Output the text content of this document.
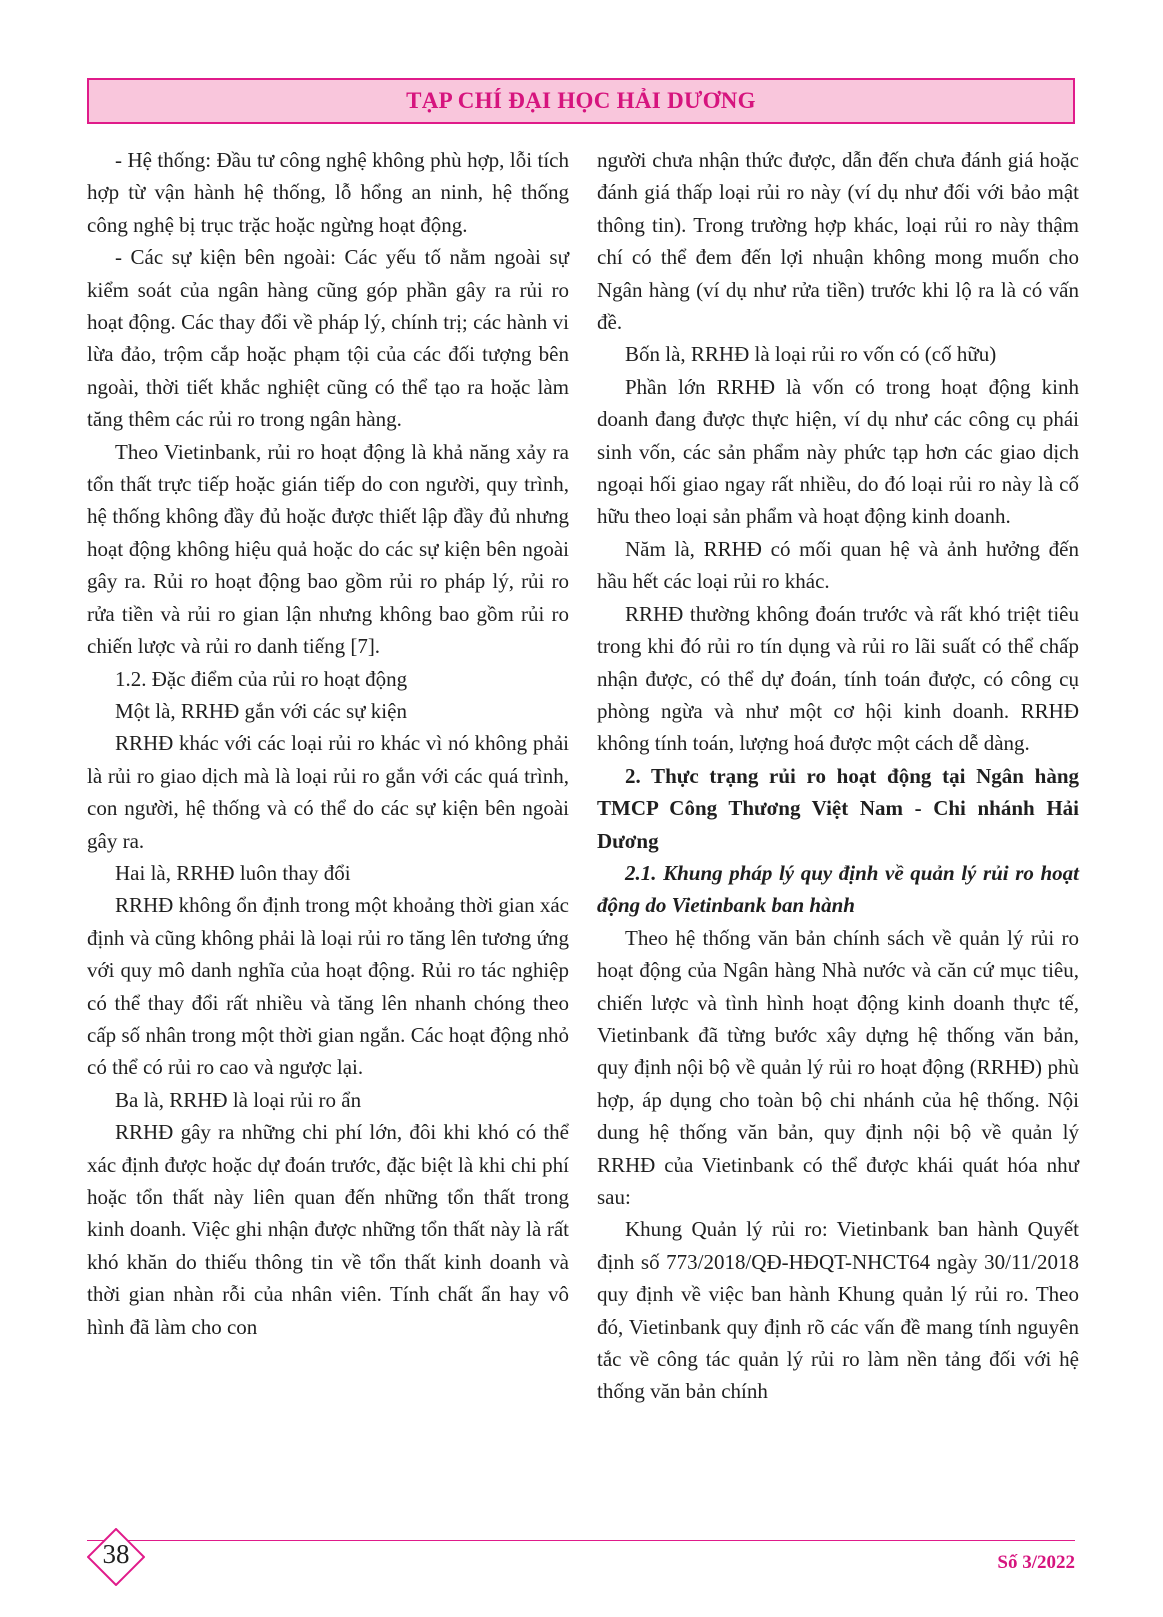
TẠP CHÍ ĐẠI HỌC HẢI DƯƠNG

- Hệ thống: Đầu tư công nghệ không phù hợp, lỗi tích hợp từ vận hành hệ thống, lỗ hổng an ninh, hệ thống công nghệ bị trục trặc hoặc ngừng hoạt động.

- Các sự kiện bên ngoài: Các yếu tố nằm ngoài sự kiểm soát của ngân hàng cũng góp phần gây ra rủi ro hoạt động. Các thay đổi về pháp lý, chính trị; các hành vi lừa đảo, trộm cắp hoặc phạm tội của các đối tượng bên ngoài, thời tiết khắc nghiệt cũng có thể tạo ra hoặc làm tăng thêm các rủi ro trong ngân hàng.

Theo Vietinbank, rủi ro hoạt động là khả năng xảy ra tổn thất trực tiếp hoặc gián tiếp do con người, quy trình, hệ thống không đầy đủ hoặc được thiết lập đầy đủ nhưng hoạt động không hiệu quả hoặc do các sự kiện bên ngoài gây ra. Rủi ro hoạt động bao gồm rủi ro pháp lý, rủi ro rửa tiền và rủi ro gian lận nhưng không bao gồm rủi ro chiến lược và rủi ro danh tiếng [7].

1.2. Đặc điểm của rủi ro hoạt động

Một là, RRHĐ gắn với các sự kiện

RRHĐ khác với các loại rủi ro khác vì nó không phải là rủi ro giao dịch mà là loại rủi ro gắn với các quá trình, con người, hệ thống và có thể do các sự kiện bên ngoài gây ra.

Hai là, RRHĐ luôn thay đổi

RRHĐ không ổn định trong một khoảng thời gian xác định và cũng không phải là loại rủi ro tăng lên tương ứng với quy mô danh nghĩa của hoạt động. Rủi ro tác nghiệp có thể thay đổi rất nhiều và tăng lên nhanh chóng theo cấp số nhân trong một thời gian ngắn. Các hoạt động nhỏ có thể có rủi ro cao và ngược lại.

Ba là, RRHĐ là loại rủi ro ẩn

RRHĐ gây ra những chi phí lớn, đôi khi khó có thể xác định được hoặc dự đoán trước, đặc biệt là khi chi phí hoặc tổn thất này liên quan đến những tổn thất trong kinh doanh. Việc ghi nhận được những tổn thất này là rất khó khăn do thiếu thông tin về tổn thất kinh doanh và thời gian nhàn rỗi của nhân viên. Tính chất ẩn hay vô hình đã làm cho con

người chưa nhận thức được, dẫn đến chưa đánh giá hoặc đánh giá thấp loại rủi ro này (ví dụ như đối với bảo mật thông tin). Trong trường hợp khác, loại rủi ro này thậm chí có thể đem đến lợi nhuận không mong muốn cho Ngân hàng (ví dụ như rửa tiền) trước khi lộ ra là có vấn đề.

Bốn là, RRHĐ là loại rủi ro vốn có (cố hữu)

Phần lớn RRHĐ là vốn có trong hoạt động kinh doanh đang được thực hiện, ví dụ như các công cụ phái sinh vốn, các sản phẩm này phức tạp hơn các giao dịch ngoại hối giao ngay rất nhiều, do đó loại rủi ro này là cố hữu theo loại sản phẩm và hoạt động kinh doanh.

Năm là, RRHĐ có mối quan hệ và ảnh hưởng đến hầu hết các loại rủi ro khác.

RRHĐ thường không đoán trước và rất khó triệt tiêu trong khi đó rủi ro tín dụng và rủi ro lãi suất có thể chấp nhận được, có thể dự đoán, tính toán được, có công cụ phòng ngừa và như một cơ hội kinh doanh. RRHĐ không tính toán, lượng hoá được một cách dễ dàng.

2. Thực trạng rủi ro hoạt động tại Ngân hàng TMCP Công Thương Việt Nam - Chi nhánh Hải Dương

2.1. Khung pháp lý quy định về quản lý rủi ro hoạt động do Vietinbank ban hành

Theo hệ thống văn bản chính sách về quản lý rủi ro hoạt động của Ngân hàng Nhà nước và căn cứ mục tiêu, chiến lược và tình hình hoạt động kinh doanh thực tế, Vietinbank đã từng bước xây dựng hệ thống văn bản, quy định nội bộ về quản lý rủi ro hoạt động (RRHĐ) phù hợp, áp dụng cho toàn bộ chi nhánh của hệ thống. Nội dung hệ thống văn bản, quy định nội bộ về quản lý RRHĐ của Vietinbank có thể được khái quát hóa như sau:

Khung Quản lý rủi ro: Vietinbank ban hành Quyết định số 773/2018/QĐ-HĐQT-NHCT64 ngày 30/11/2018 quy định về việc ban hành Khung quản lý rủi ro. Theo đó, Vietinbank quy định rõ các vấn đề mang tính nguyên tắc về công tác quản lý rủi ro làm nền tảng đối với hệ thống văn bản chính

38	Số 3/2022
